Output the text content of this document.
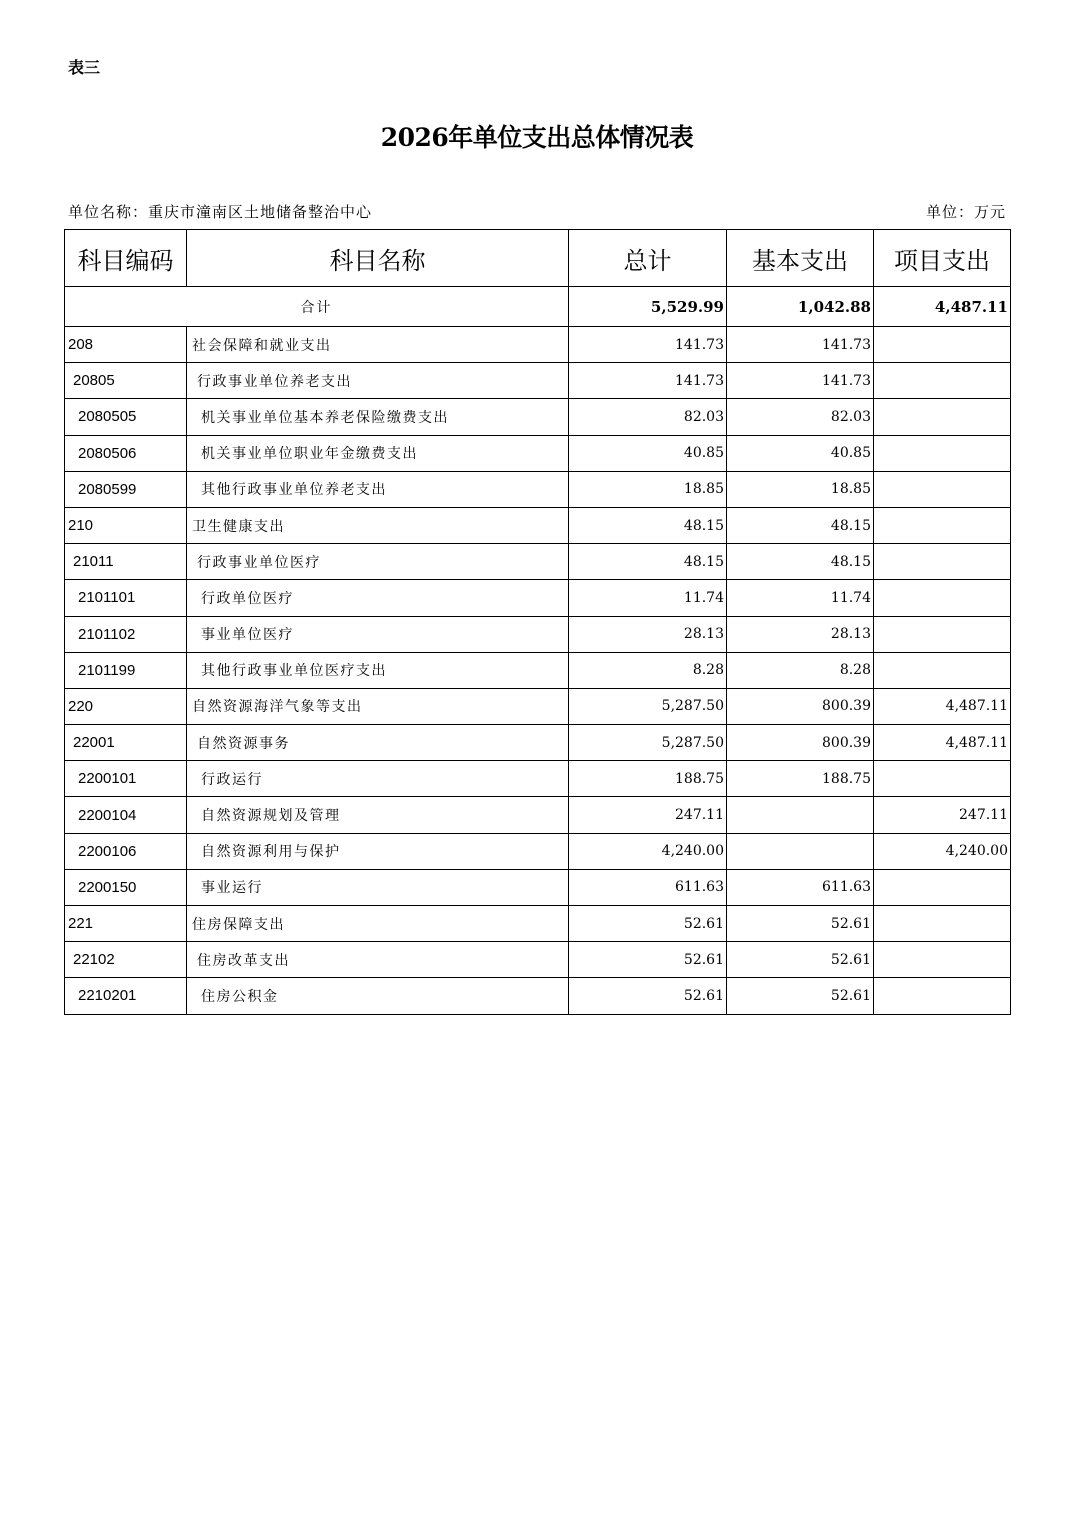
表三
2026年单位支出总体情况表
单位名称：重庆市潼南区土地储备整治中心	单位：万元
科目编码	科目名称	总计	基本支出	项目支出
合计		5,529.99	1,042.88	4,487.11
208	社会保障和就业支出	141.73	141.73	
20805	行政事业单位养老支出	141.73	141.73	
2080505	机关事业单位基本养老保险缴费支出	82.03	82.03	
2080506	机关事业单位职业年金缴费支出	40.85	40.85	
2080599	其他行政事业单位养老支出	18.85	18.85	
210	卫生健康支出	48.15	48.15	
21011	行政事业单位医疗	48.15	48.15	
2101101	行政单位医疗	11.74	11.74	
2101102	事业单位医疗	28.13	28.13	
2101199	其他行政事业单位医疗支出	8.28	8.28	
220	自然资源海洋气象等支出	5,287.50	800.39	4,487.11
22001	自然资源事务	5,287.50	800.39	4,487.11
2200101	行政运行	188.75	188.75	
2200104	自然资源规划及管理	247.11		247.11
2200106	自然资源利用与保护	4,240.00		4,240.00
2200150	事业运行	611.63	611.63	
221	住房保障支出	52.61	52.61	
22102	住房改革支出	52.61	52.61	
2210201	住房公积金	52.61	52.61	
